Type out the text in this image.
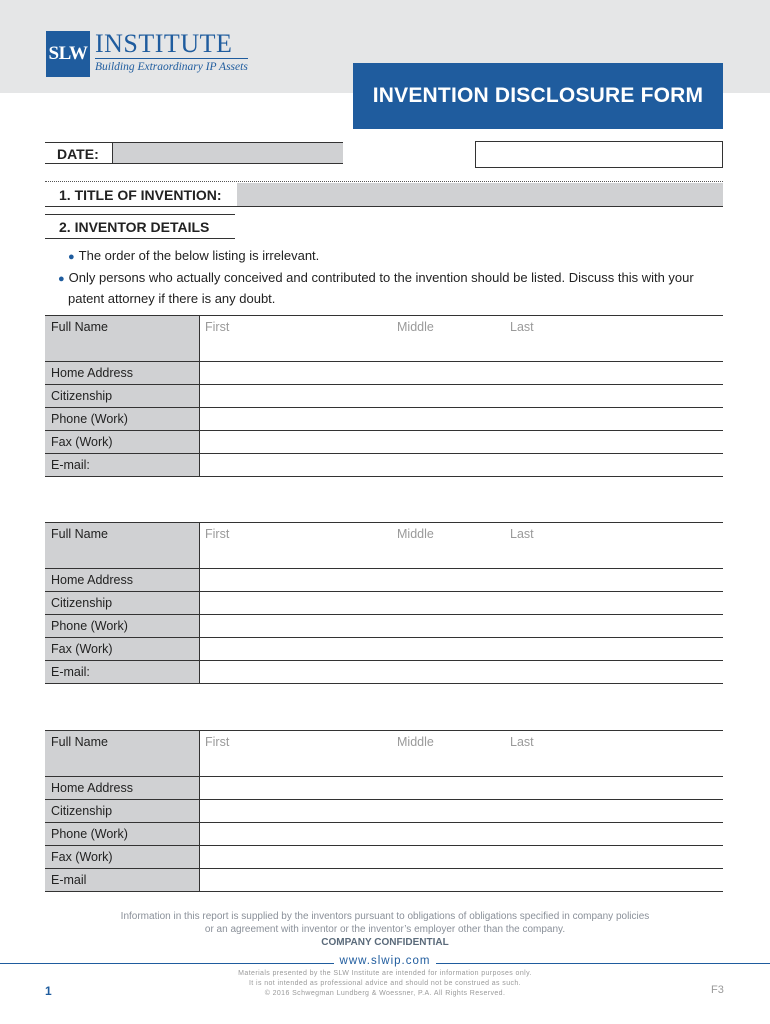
SLW INSTITUTE
Building Extraordinary IP Assets
INVENTION DISCLOSURE FORM
DATE:
1. TITLE OF INVENTION:
2. INVENTOR DETAILS

● The order of the below listing is irrelevant.

● Only persons who actually conceived and contributed to the invention should be listed. Discuss this with your patent attorney if there is any doubt.

Full Name	First	Middle	Last
Home Address
Citizenship
Phone (Work)
Fax (Work)
E-mail:
Full Name	First	Middle	Last
Home Address
Citizenship
Phone (Work)
Fax (Work)
E-mail:
Full Name	First	Middle	Last
Home Address
Citizenship
Phone (Work)
Fax (Work)
E-mail
Information in this report is supplied by the inventors pursuant to obligations of obligations specified in company policies
or an agreement with inventor or the inventor’s employer other than the company.
COMPANY CONFIDENTIAL
www.slwip.com
Materials presented by the SLW Institute are intended for information purposes only.
It is not intended as professional advice and should not be construed as such.
© 2016 Schwegman Lundberg & Woessner, P.A. All Rights Reserved.
1	F3
